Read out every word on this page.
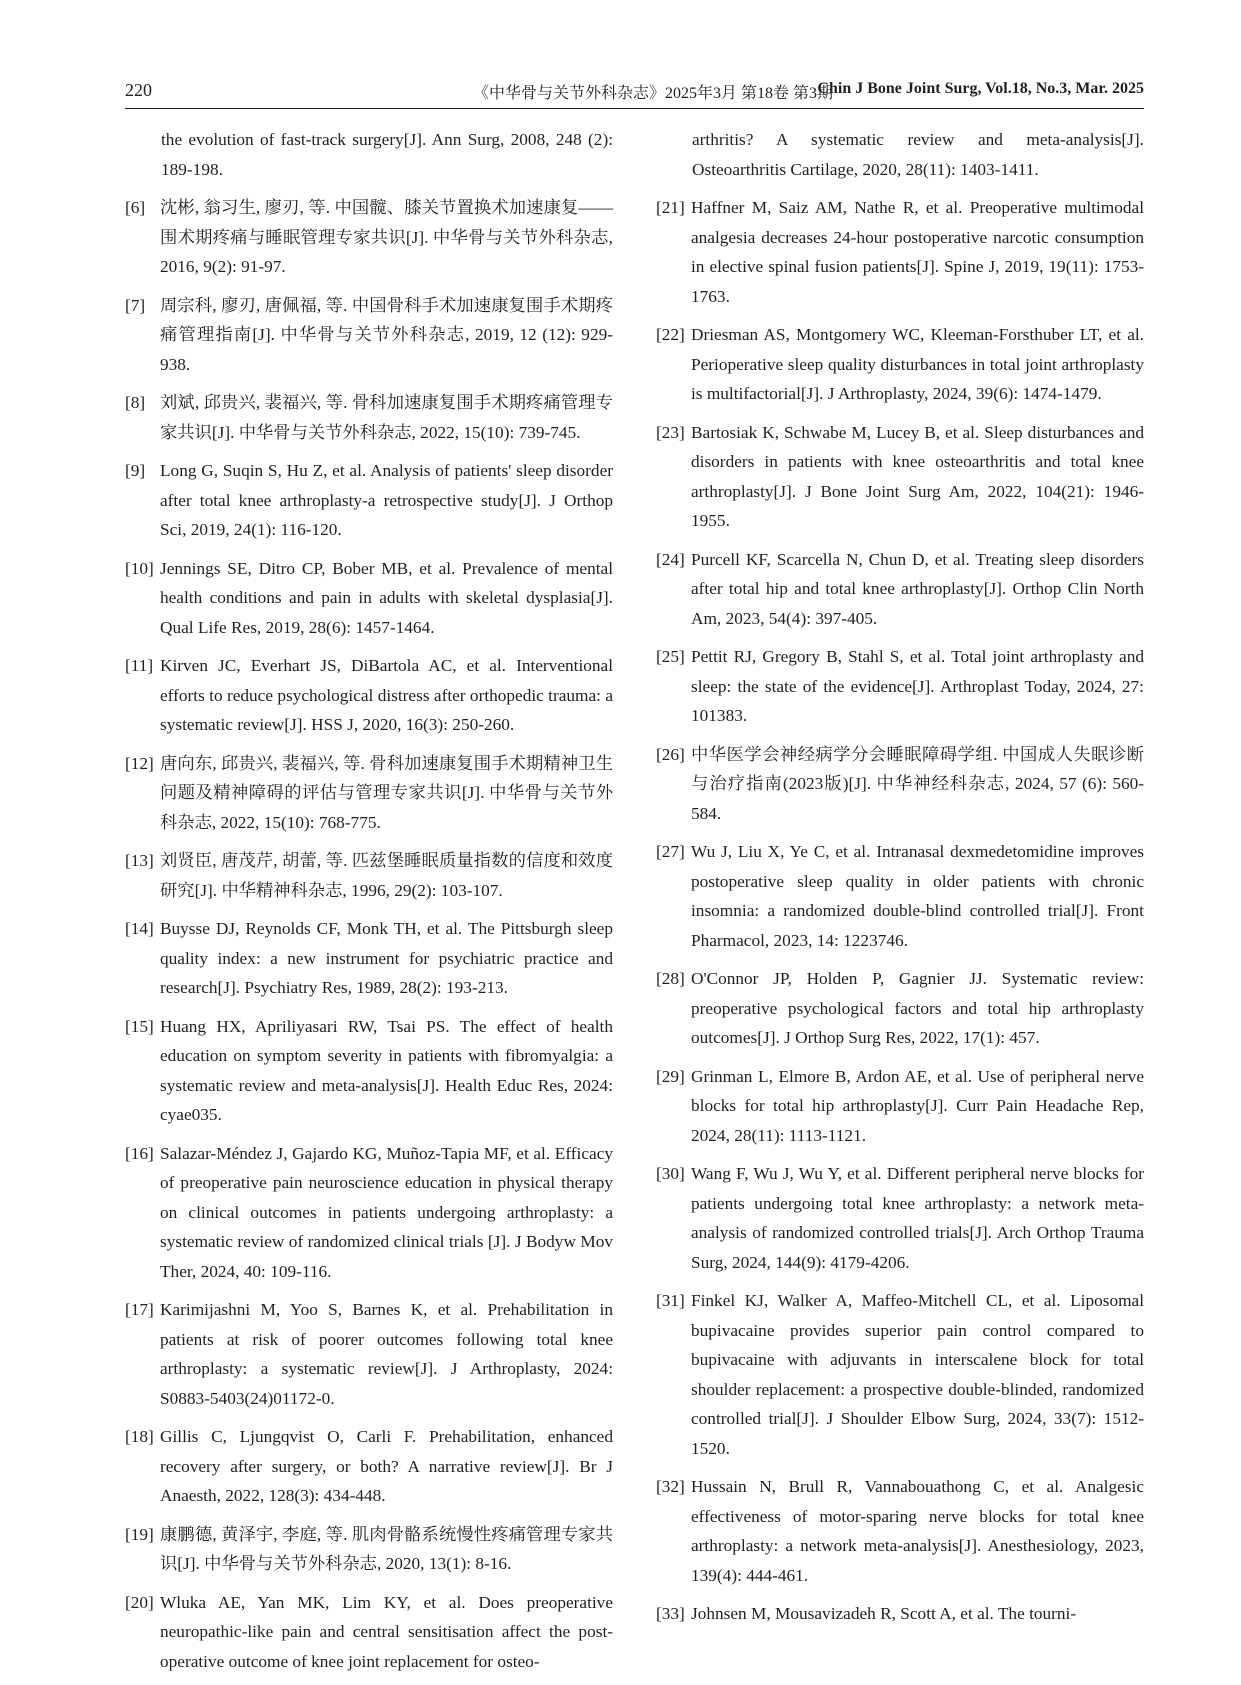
220	《中华骨与关节外科杂志》2025年3月 第18卷 第3期
Chin J Bone Joint Surg, Vol.18, No.3, Mar. 2025
the evolution of fast-track surgery[J]. Ann Surg, 2008, 248 (2): 189-198.
[6] 沈彬, 翁习生, 廖刃, 等. 中国髋、膝关节置换术加速康复——围术期疼痛与睡眠管理专家共识[J]. 中华骨与关节外科杂志, 2016, 9(2): 91-97.
[7] 周宗科, 廖刃, 唐佩福, 等. 中国骨科手术加速康复围手术期疼痛管理指南[J]. 中华骨与关节外科杂志, 2019, 12 (12): 929-938.
[8] 刘斌, 邱贵兴, 裴福兴, 等. 骨科加速康复围手术期疼痛管理专家共识[J]. 中华骨与关节外科杂志, 2022, 15(10): 739-745.
[9] Long G, Suqin S, Hu Z, et al. Analysis of patients' sleep disorder after total knee arthroplasty-a retrospective study[J]. J Orthop Sci, 2019, 24(1): 116-120.
[10] Jennings SE, Ditro CP, Bober MB, et al. Prevalence of mental health conditions and pain in adults with skeletal dysplasia[J]. Qual Life Res, 2019, 28(6): 1457-1464.
[11] Kirven JC, Everhart JS, DiBartola AC, et al. Interventional efforts to reduce psychological distress after orthopedic trauma: a systematic review[J]. HSS J, 2020, 16(3): 250-260.
[12] 唐向东, 邱贵兴, 裴福兴, 等. 骨科加速康复围手术期精神卫生问题及精神障碍的评估与管理专家共识[J]. 中华骨与关节外科杂志, 2022, 15(10): 768-775.
[13] 刘贤臣, 唐茂芹, 胡蕾, 等. 匹兹堡睡眠质量指数的信度和效度研究[J]. 中华精神科杂志, 1996, 29(2): 103-107.
[14] Buysse DJ, Reynolds CF, Monk TH, et al. The Pittsburgh sleep quality index: a new instrument for psychiatric practice and research[J]. Psychiatry Res, 1989, 28(2): 193-213.
[15] Huang HX, Apriliyasari RW, Tsai PS. The effect of health education on symptom severity in patients with fibromyalgia: a systematic review and meta-analysis[J]. Health Educ Res, 2024: cyae035.
[16] Salazar-Méndez J, Gajardo KG, Muñoz-Tapia MF, et al. Efficacy of preoperative pain neuroscience education in physical therapy on clinical outcomes in patients undergoing arthroplasty: a systematic review of randomized clinical trials [J]. J Bodyw Mov Ther, 2024, 40: 109-116.
[17] Karimijashni M, Yoo S, Barnes K, et al. Prehabilitation in patients at risk of poorer outcomes following total knee arthroplasty: a systematic review[J]. J Arthroplasty, 2024: S0883-5403(24)01172-0.
[18] Gillis C, Ljungqvist O, Carli F. Prehabilitation, enhanced recovery after surgery, or both? A narrative review[J]. Br J Anaesth, 2022, 128(3): 434-448.
[19] 康鹏德, 黄泽宇, 李庭, 等. 肌肉骨骼系统慢性疼痛管理专家共识[J]. 中华骨与关节外科杂志, 2020, 13(1): 8-16.
[20] Wluka AE, Yan MK, Lim KY, et al. Does preoperative neuropathic-like pain and central sensitisation affect the post-operative outcome of knee joint replacement for osteo-
arthritis? A systematic review and meta-analysis[J]. Osteoarthritis Cartilage, 2020, 28(11): 1403-1411.
[21] Haffner M, Saiz AM, Nathe R, et al. Preoperative multimodal analgesia decreases 24-hour postoperative narcotic consumption in elective spinal fusion patients[J]. Spine J, 2019, 19(11): 1753-1763.
[22] Driesman AS, Montgomery WC, Kleeman-Forsthuber LT, et al. Perioperative sleep quality disturbances in total joint arthroplasty is multifactorial[J]. J Arthroplasty, 2024, 39(6): 1474-1479.
[23] Bartosiak K, Schwabe M, Lucey B, et al. Sleep disturbances and disorders in patients with knee osteoarthritis and total knee arthroplasty[J]. J Bone Joint Surg Am, 2022, 104(21): 1946-1955.
[24] Purcell KF, Scarcella N, Chun D, et al. Treating sleep disorders after total hip and total knee arthroplasty[J]. Orthop Clin North Am, 2023, 54(4): 397-405.
[25] Pettit RJ, Gregory B, Stahl S, et al. Total joint arthroplasty and sleep: the state of the evidence[J]. Arthroplast Today, 2024, 27: 101383.
[26] 中华医学会神经病学分会睡眠障碍学组. 中国成人失眠诊断与治疗指南(2023版)[J]. 中华神经科杂志, 2024, 57 (6): 560-584.
[27] Wu J, Liu X, Ye C, et al. Intranasal dexmedetomidine improves postoperative sleep quality in older patients with chronic insomnia: a randomized double-blind controlled trial[J]. Front Pharmacol, 2023, 14: 1223746.
[28] O'Connor JP, Holden P, Gagnier JJ. Systematic review: preoperative psychological factors and total hip arthroplasty outcomes[J]. J Orthop Surg Res, 2022, 17(1): 457.
[29] Grinman L, Elmore B, Ardon AE, et al. Use of peripheral nerve blocks for total hip arthroplasty[J]. Curr Pain Headache Rep, 2024, 28(11): 1113-1121.
[30] Wang F, Wu J, Wu Y, et al. Different peripheral nerve blocks for patients undergoing total knee arthroplasty: a network meta-analysis of randomized controlled trials[J]. Arch Orthop Trauma Surg, 2024, 144(9): 4179-4206.
[31] Finkel KJ, Walker A, Maffeo-Mitchell CL, et al. Liposomal bupivacaine provides superior pain control compared to bupivacaine with adjuvants in interscalene block for total shoulder replacement: a prospective double-blinded, randomized controlled trial[J]. J Shoulder Elbow Surg, 2024, 33(7): 1512-1520.
[32] Hussain N, Brull R, Vannabouathong C, et al. Analgesic effectiveness of motor-sparing nerve blocks for total knee arthroplasty: a network meta-analysis[J]. Anesthesiology, 2023, 139(4): 444-461.
[33] Johnsen M, Mousavizadeh R, Scott A, et al. The tourni-
